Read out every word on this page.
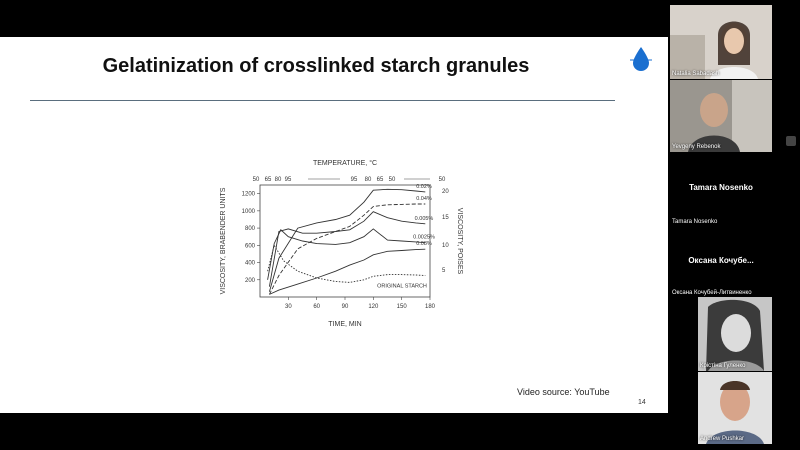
Gelatinization of crosslinked starch granules
TEMPERATURE, °C
50 65 80 95	95 80 65 50	50
30	60	90	120	150	180
TIME, MIN
200
400
600
800
1000
1200
VISCOSITY, BRABENDER UNITS	5
10
15
20
VISCOSITY, POISES
0.02%
0.04%
0.005%
0.0025%
0.08%
ORIGINAL STARCH
Video source: YouTube
14
Natalia Sabadash
Yevgeny Rebenok
Tamara Nosenko
Tamara Nosenko
Оксана Кочубе...
Оксана Кочубей-Литвиненко
Крістіна Гуленко
Andrew Pushkar
